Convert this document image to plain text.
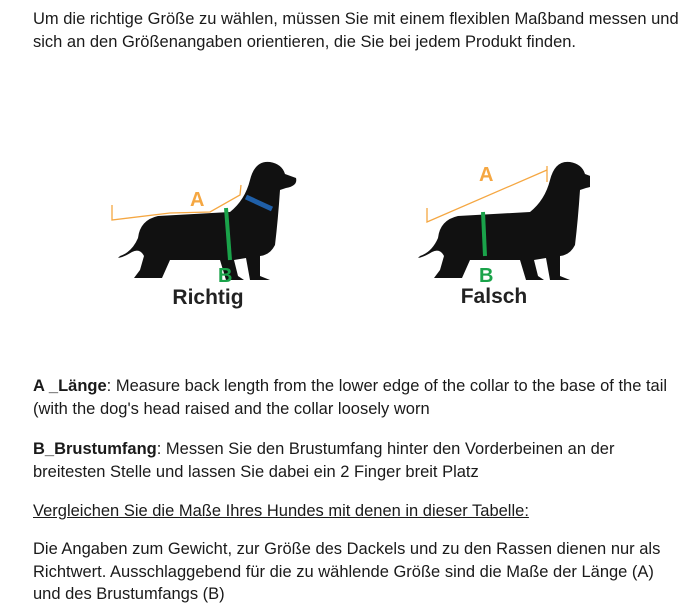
Um die richtige Größe zu wählen, müssen Sie mit einem flexiblen Maßband messen und sich an den Größenangaben orientieren, die Sie bei jedem Produkt finden.

A
B
Richtig
A
B
Falsch

A _Länge: Measure back length from the lower edge of the collar to the base of the tail (with the dog's head raised and the collar loosely worn

B_Brustumfang: Messen Sie den Brustumfang hinter den Vorderbeinen an der breitesten Stelle und lassen Sie dabei ein 2 Finger breit Platz

Vergleichen Sie die Maße Ihres Hundes mit denen in dieser Tabelle:

Die Angaben zum Gewicht, zur Größe des Dackels und zu den Rassen dienen nur als Richtwert. Ausschlaggebend für die zu wählende Größe sind die Maße der Länge (A) und des Brustumfangs (B)
